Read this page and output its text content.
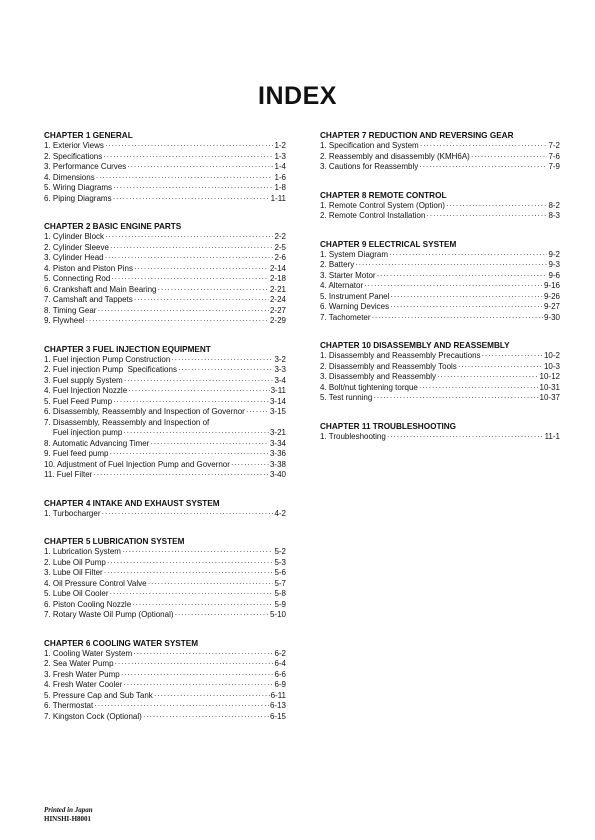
INDEX
CHAPTER 1 GENERAL
1. Exterior Views ·····	1-2
2. Specifications ·····	1-3
3. Performance Curves ·····	1-4
4. Dimensions ·····	1-6
5. Wiring Diagrams ·····	1-8
6. Piping Diagrams ·····	1-11
CHAPTER 2 BASIC ENGINE PARTS
1. Cylinder Block ·····	2-2
2. Cylinder Sleeve ·····	2-5
3. Cylinder Head ·····	2-6
4. Piston and Piston Pins ·····	2-14
5. Connecting Rod ·····	2-18
6. Crankshaft and Main Bearing ·····	2-21
7. Camshaft and Tappets ·····	2-24
8. Timing Gear ·····	2-27
9. Flywheel ·····	2-29
CHAPTER 3 FUEL INJECTION EQUIPMENT
1. Fuel injection Pump Construction ·····	3-2
2. Fuel injection Pump  Specifications ·····	3-3
3. Fuel supply System ·····	3-4
4. Fuel Injection Nozzle ·····	3-11
5. Fuel Feed Pump ·····	3-14
6. Disassembly, Reassembly and Inspection of Governor ·····	3-15
7. Disassembly, Reassembly and Inspection of
Fuel injection pump ·····	3-21
8. Automatic Advancing Timer ·····	3-34
9. Fuel feed pump ·····	3-36
10. Adjustment of Fuel Injection Pump and Governor ·····	3-38
11. Fuel Filter ·····	3-40
CHAPTER 4 INTAKE AND EXHAUST SYSTEM
1. Turbocharger ·····	4-2
CHAPTER 5 LUBRICATION SYSTEM
1. Lubrication System ·····	5-2
2. Lube Oil Pump ·····	5-3
3. Lube Oil Filter ·····	5-6
4. Oil Pressure Control Valve ·····	5-7
5. Lube Oil Cooler ·····	5-8
6. Piston Cooling Nozzle ·····	5-9
7. Rotary Waste Oil Pump (Optional) ·····	5-10
CHAPTER 6 COOLING WATER SYSTEM
1. Cooling Water System ·····	6-2
2. Sea Water Pump ·····	6-4
3. Fresh Water Pump ·····	6-6
4. Fresh Water Cooler ·····	6-9
5. Pressure Cap and Sub Tank ·····	6-11
6. Thermostat ·····	6-13
7. Kingston Cock (Optional) ·····	6-15
CHAPTER 7 REDUCTION AND REVERSING GEAR
1. Specification and System ·····	7-2
2. Reassembly and disassembly (KMH6A) ·····	7-6
3. Cautions for Reassembly ·····	7-9
CHAPTER 8 REMOTE CONTROL
1. Remote Control System (Option) ·····	8-2
2. Remote Control Installation ·····	8-3
CHAPTER 9 ELECTRICAL SYSTEM
1. System Diagram ·····	9-2
2. Battery ·····	9-3
3. Starter Motor ·····	9-6
4. Alternator ·····	9-16
5. Instrument Panel ·····	9-26
6. Warning Devices ·····	9-27
7. Tachometer ·····	9-30
CHAPTER 10 DISASSEMBLY AND REASSEMBLY
1. Disassembly and Reassembly Precautions ·····	10-2
2. Disassembly and Reassembly Tools ·····	10-3
3. Disassembly and Reassembly ·····	10-12
4. Bolt/nut tightening torque ·····	10-31
5. Test running ·····	10-37
CHAPTER 11 TROUBLESHOOTING
1. Troubleshooting ·····	11-1
Printed in Japan
HINSHI-H8001
